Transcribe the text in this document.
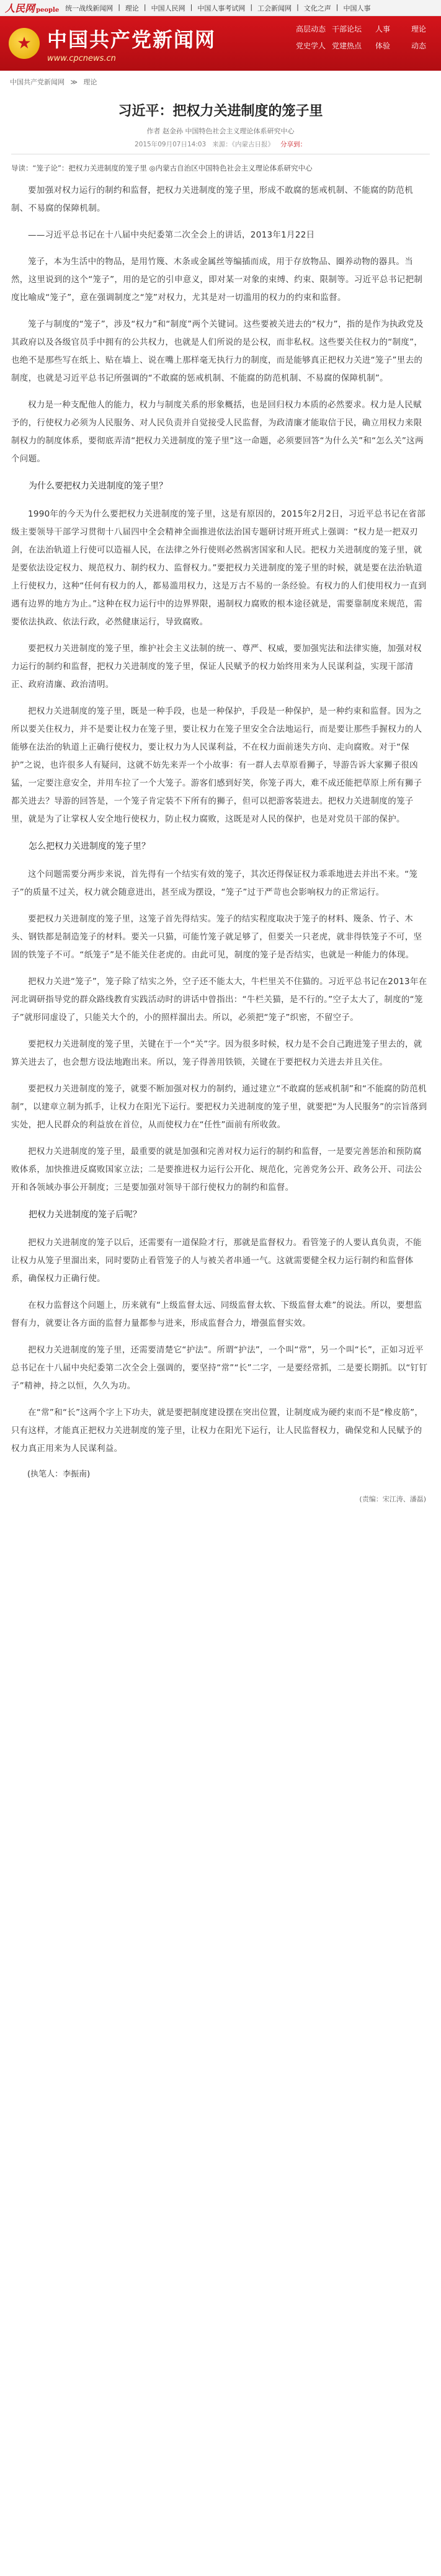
人民网 people 统一战线新闻网 | 理论 | 中国人民网 | 中国人事考试网 | 工会新闻网 | 文化之声 | 中国人事
★ 中国共产党新闻网
www.cpcnews.cn
高层动态 干部论坛	人事	理论
党史学人 党建热点	体验	动态
中国共产党新闻网 ≫ 理论
习近平：把权力关进制度的笼子里
作者 赵金孙 中国特色社会主义理论体系研究中心
2015年09月07日14:03 来源：《内蒙古日报》 分享到：

导读：“笼子论”：把权力关进制度的笼子里 ◎内蒙古自治区中国特色社会主义理论体系研究中心

要加强对权力运行的制约和监督，把权力关进制度的笼子里，形成不敢腐的惩戒机制、不能腐的防范机制、不易腐的保障机制。

——习近平总书记在十八届中央纪委第二次全会上的讲话，2013年1月22日

笼子，本为生活中的物品，是用竹篾、木条或金属丝等编插而成，用于存放物品、圈养动物的器具。当然，这里说到的这个“笼子”，用的是它的引申意义，即对某一对象的束缚、约束、限制等。习近平总书记把制度比喻成“笼子”，意在强调制度之“笼”对权力，尤其是对一切滥用的权力的约束和监督。

笼子与制度的“笼子”，涉及“权力”和“制度”两个关键词。这些要被关进去的“权力”，指的是作为执政党及其政府以及各级官员手中拥有的公共权力，也就是人们所说的是公权，而非私权。这些要关住权力的“制度”，也绝不是那些写在纸上、贴在墙上、说在嘴上那样毫无执行力的制度，而是能够真正把权力关进“笼子”里去的制度，也就是习近平总书记所强调的“不敢腐的惩戒机制、不能腐的防范机制、不易腐的保障机制”。

权力是一种支配他人的能力，权力与制度关系的形象概括，也是回归权力本质的必然要求。权力是人民赋予的，行使权力必须为人民服务、对人民负责并自觉接受人民监督，为政清廉才能取信于民，确立用权力来限制权力的制度体系，要彻底弄清“把权力关进制度的笼子里”这一命题，必须要回答“为什么关”和“怎么关”这两个问题。

为什么要把权力关进制度的笼子里？

1990年的今天为什么要把权力关进制度的笼子里，这是有原因的，2015年2月2日，习近平总书记在省部级主要领导干部学习贯彻十八届四中全会精神全面推进依法治国专题研讨班开班式上强调：“权力是一把双刃剑，在法治轨道上行使可以造福人民，在法律之外行使则必然祸害国家和人民。把权力关进制度的笼子里，就是要依法设定权力、规范权力、制约权力、监督权力。”要把权力关进制度的笼子里的时候，就是要在法治轨道上行使权力，这种“任何有权力的人，都易滥用权力，这是万古不易的一条经验。有权力的人们使用权力一直到遇有边界的地方为止。”这种在权力运行中的边界界限，遏制权力腐败的根本途径就是，需要靠制度来规范，需要依法执政、依法行政，必然健康运行，导致腐败。

要把权力关进制度的笼子里，维护社会主义法制的统一、尊严、权威，要加强宪法和法律实施，加强对权力运行的制约和监督，把权力关进制度的笼子里，保证人民赋予的权力始终用来为人民谋利益，实现干部清正、政府清廉、政治清明。

把权力关进制度的笼子里，既是一种手段，也是一种保护，手段是一种保护，是一种约束和监督。因为之所以要关住权力，并不是要让权力在笼子里，要让权力在笼子里安全合法地运行，而是要让那些手握权力的人能够在法治的轨道上正确行使权力，要让权力为人民谋利益，不在权力面前迷失方向、走向腐败。对于“保护”之说，也许很多人有疑问，这就不妨先来弄一个小故事：有一群人去草原看狮子，导游告诉大家狮子很凶猛，一定要注意安全，并用车拉了一个大笼子。游客们感到好笑，你笼子再大，难不成还能把草原上所有狮子都关进去？导游的回答是，一个笼子肯定装不下所有的狮子，但可以把游客装进去。把权力关进制度的笼子里，就是为了让掌权人安全地行使权力，防止权力腐败，这既是对人民的保护，也是对党员干部的保护。

怎么把权力关进制度的笼子里？

这个问题需要分两步来说，首先得有一个结实有效的笼子，其次还得保证权力乖乖地进去并出不来。“笼子”的质量不过关，权力就会随意进出，甚至成为摆设，“笼子”过于严苛也会影响权力的正常运行。

要把权力关进制度的笼子里，这笼子首先得结实。笼子的结实程度取决于笼子的材料、篾条、竹子、木头、钢铁都是制造笼子的材料。要关一只猫，可能竹笼子就足够了，但要关一只老虎，就非得铁笼子不可，坚固的铁笼子不可。“纸笼子”是不能关住老虎的。由此可见，制度的笼子是否结实，也就是一种能力的体现。

把权力关进“笼子”，笼子除了结实之外，空子还不能太大，牛栏里关不住猫的。习近平总书记在2013年在河北调研指导党的群众路线教育实践活动时的讲话中曾指出：“牛栏关猫，是不行的。”空子太大了，制度的“笼子”就形同虚设了，只能关大个的，小的照样溜出去。所以，必须把“笼子”织密，不留空子。

要把权力关进制度的笼子里，关键在于一个“关”字。因为很多时候，权力是不会自己跑进笼子里去的，就算关进去了，也会想方设法地跑出来。所以，笼子得善用铁锁，关键在于要把权力关进去并且关住。

要把权力关进制度的笼子，就要不断加强对权力的制约，通过建立“不敢腐的惩戒机制”和“不能腐的防范机制”，以建章立制为抓手，让权力在阳光下运行。要把权力关进制度的笼子里，就要把“为人民服务”的宗旨落到实处，把人民群众的利益放在首位，从而使权力在“任性”面前有所收敛。

把权力关进制度的笼子里，最重要的就是加强和完善对权力运行的制约和监督，一是要完善惩治和预防腐败体系，加快推进反腐败国家立法；二是要推进权力运行公开化、规范化，完善党务公开、政务公开、司法公开和各领域办事公开制度；三是要加强对领导干部行使权力的制约和监督。

把权力关进制度的笼子后呢？

把权力关进制度的笼子以后，还需要有一道保险才行，那就是监督权力。看管笼子的人要认真负责，不能让权力从笼子里溜出来，同时要防止看管笼子的人与被关者串通一气。这就需要健全权力运行制约和监督体系，确保权力正确行使。

在权力监督这个问题上，历来就有“上级监督太远、同级监督太软、下级监督太难”的说法。所以，要想监督有力，就要让各方面的监督力量都参与进来，形成监督合力，增强监督实效。

把权力关进制度的笼子里，还需要清楚它“护法”。所谓“护法”，一个叫“常”，另一个叫“长”，正如习近平总书记在十八届中央纪委第二次全会上强调的，要坚持“常”“长”二字，一是要经常抓，二是要长期抓。以“钉钉子”精神，持之以恒，久久为功。

在“常”和“长”这两个字上下功夫，就是要把制度建设摆在突出位置，让制度成为硬约束而不是“橡皮筋”，只有这样，才能真正把权力关进制度的笼子里，让权力在阳光下运行，让人民监督权力，确保党和人民赋予的权力真正用来为人民谋利益。

(执笔人：李振南)

(责编：宋江涛、潘磊)
